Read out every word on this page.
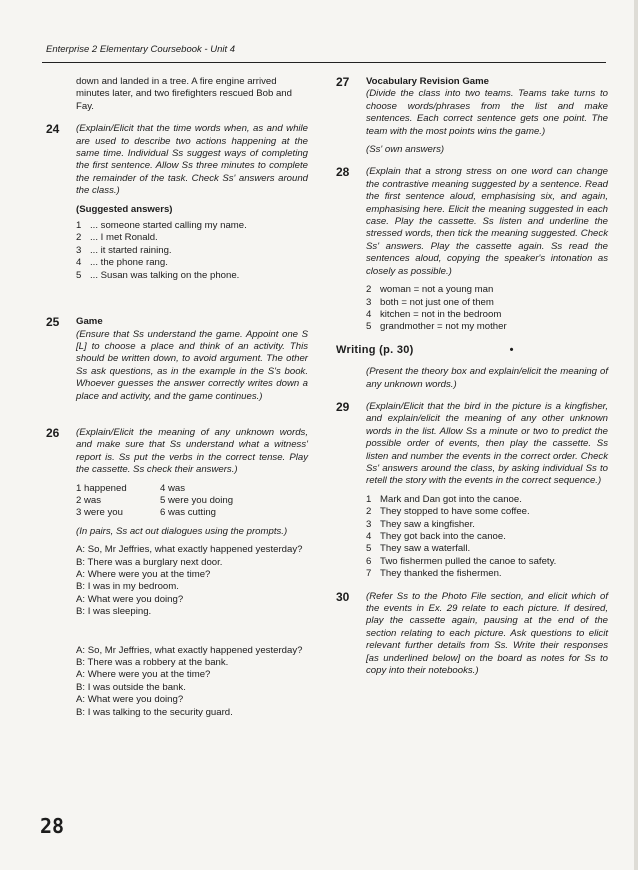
Enterprise 2 Elementary Coursebook - Unit 4

down and landed in a tree. A fire engine arrived minutes later, and two firefighters rescued Bob and Fay.

24 (Explain/Elicit that the time words when, as and while are used to describe two actions happening at the same time. Individual Ss suggest ways of completing the first sentence. Allow Ss three minutes to complete the remainder of the task. Check Ss' answers around the class.)

(Suggested answers)
1 ... someone started calling my name.
2 ... I met Ronald.
3 ... it started raining.
4 ... the phone rang.
5 ... Susan was talking on the phone.
25 Game

(Ensure that Ss understand the game. Appoint one S [L] to choose a place and think of an activity. This should be written down, to avoid argument. The other Ss ask questions, as in the example in the S's book. Whoever guesses the answer correctly writes down a place and activity, and the game continues.)

26 (Explain/Elicit the meaning of any unknown words, and make sure that Ss understand what a witness' report is. Ss put the verbs in the correct tense. Play the cassette. Ss check their answers.)

1 happened	4 was
2 was	5 were you doing
3 were you	6 was cutting

(In pairs, Ss act out dialogues using the prompts.)

A: So, Mr Jeffries, what exactly happened yesterday?
B: There was a burglary next door.
A: Where were you at the time?
B: I was in my bedroom.
A: What were you doing?
B: I was sleeping.
A: So, Mr Jeffries, what exactly happened yesterday?
B: There was a robbery at the bank.
A: Where were you at the time?
B: I was outside the bank.
A: What were you doing?
B: I was talking to the security guard.
27 Vocabulary Revision Game

(Divide the class into two teams. Teams take turns to choose words/phrases from the list and make sentences. Each correct sentence gets one point. The team with the most points wins the game.)

(Ss' own answers)

28 (Explain that a strong stress on one word can change the contrastive meaning suggested by a sentence. Read the first sentence aloud, emphasising six, and again, emphasising here. Elicit the meaning suggested in each case. Play the cassette. Ss listen and underline the stressed words, then tick the meaning suggested. Check Ss' answers. Play the cassette again. Ss read the sentences aloud, copying the speaker's intonation as closely as possible.)

2 woman = not a young man
3 both = not just one of them
4 kitchen = not in the bedroom
5 grandmother = not my mother
Writing (p. 30)	•

(Present the theory box and explain/elicit the meaning of any unknown words.)

29 (Explain/Elicit that the bird in the picture is a kingfisher, and explain/elicit the meaning of any other unknown words in the list. Allow Ss a minute or two to predict the possible order of events, then play the cassette. Ss listen and number the events in the correct order. Check Ss' answers around the class, by asking individual Ss to retell the story with the events in the correct sequence.)

1 Mark and Dan got into the canoe.
2 They stopped to have some coffee.
3 They saw a kingfisher.
4 They got back into the canoe.
5 They saw a waterfall.
6 Two fishermen pulled the canoe to safety.
7 They thanked the fishermen.
30 (Refer Ss to the Photo File section, and elicit which of the events in Ex. 29 relate to each picture. If desired, play the cassette again, pausing at the end of the section relating to each picture. Ask questions to elicit relevant further details from Ss. Write their responses [as underlined below] on the board as notes for Ss to copy into their notebooks.)

28
